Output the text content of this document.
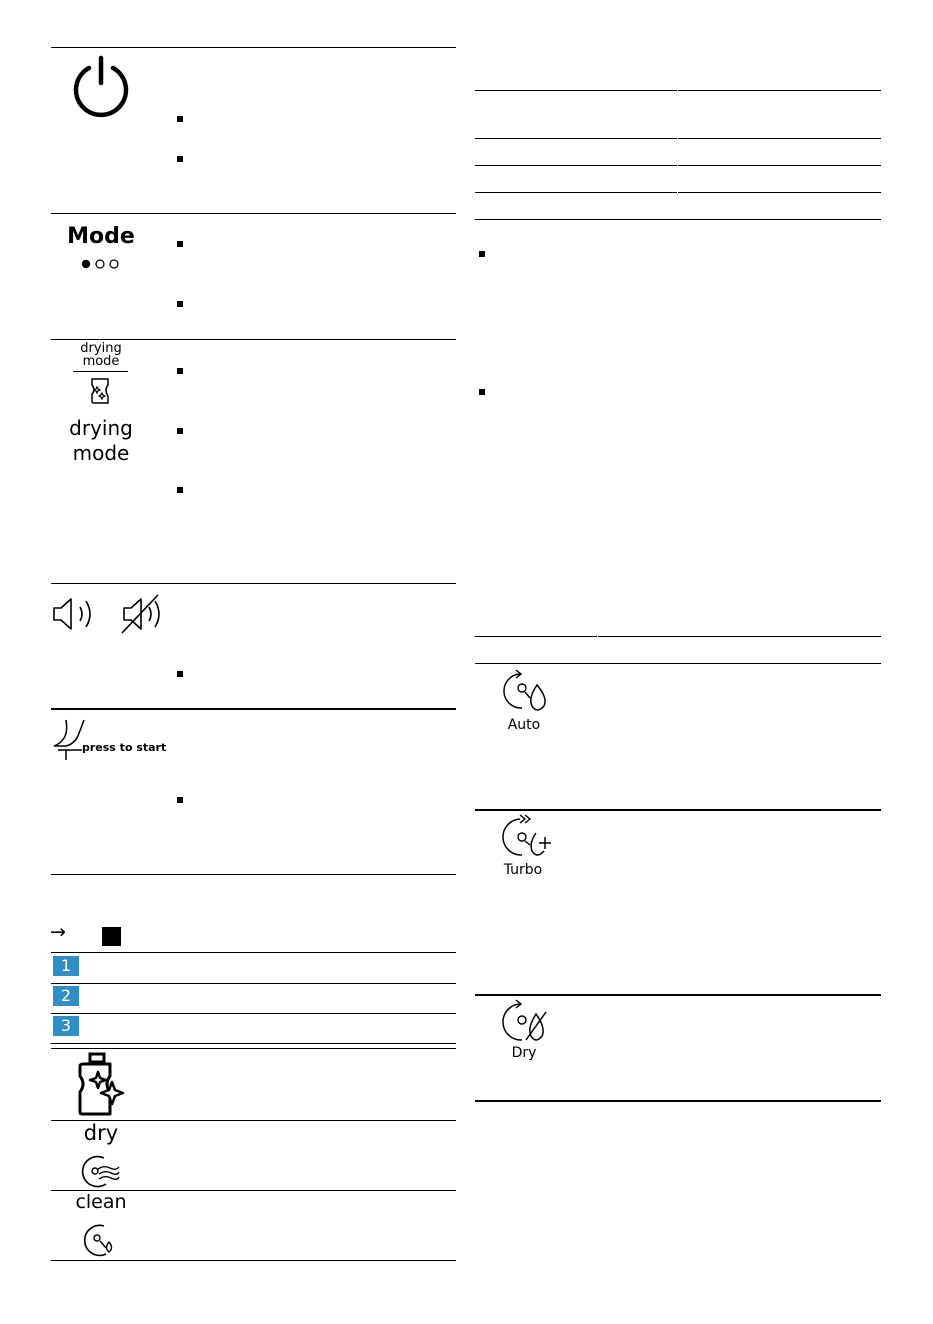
Mode
drying
mode
drying
mode
press to start
→
1
2
3
dry
clean
Auto
Turbo
Dry
